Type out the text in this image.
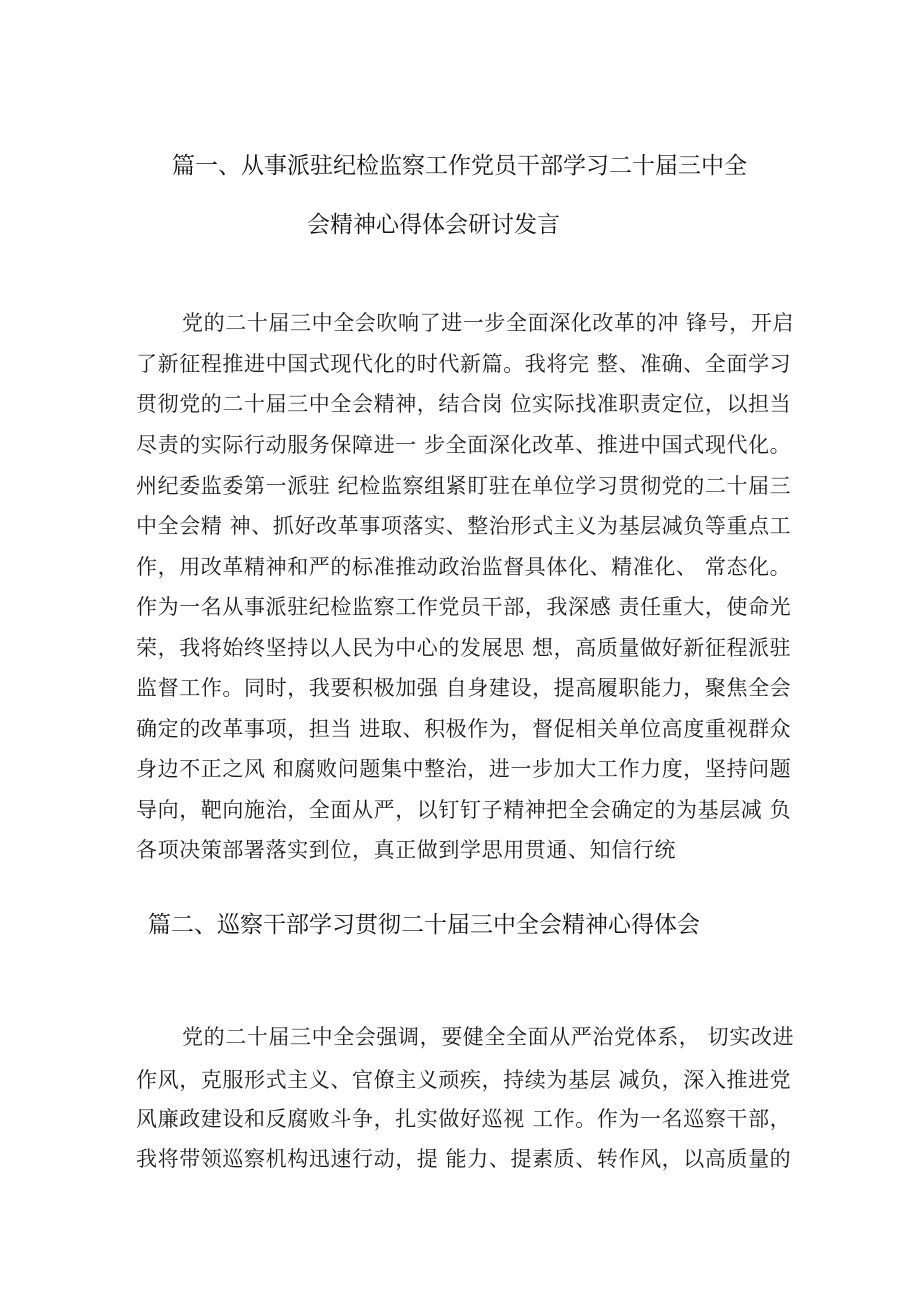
篇一、从事派驻纪检监察工作党员干部学习二十届三中全
会精神心得体会研讨发言
党的二十届三中全会吹响了进一步全面深化改革的冲 锋号，开启
了新征程推进中国式现代化的时代新篇。我将完 整、准确、全面学习
贯彻党的二十届三中全会精神，结合岗 位实际找准职责定位，以担当
尽责的实际行动服务保障进一 步全面深化改革、推进中国式现代化。
州纪委监委第一派驻 纪检监察组紧盯驻在单位学习贯彻党的二十届三
中全会精 神、抓好改革事项落实、整治形式主义为基层减负等重点工
作，用改革精神和严的标准推动政治监督具体化、精准化、 常态化。
作为一名从事派驻纪检监察工作党员干部，我深感 责任重大，使命光
荣，我将始终坚持以人民为中心的发展思 想，高质量做好新征程派驻
监督工作。同时，我要积极加强 自身建设，提高履职能力，聚焦全会
确定的改革事项，担当 进取、积极作为，督促相关单位高度重视群众
身边不正之风 和腐败问题集中整治，进一步加大工作力度，坚持问题
导向，靶向施治，全面从严，以钉钉子精神把全会确定的为基层减 负
各项决策部署落实到位，真正做到学思用贯通、知信行统
篇二、巡察干部学习贯彻二十届三中全会精神心得体会
党的二十届三中全会强调，要健全全面从严治党体系， 切实改进
作风，克服形式主义、官僚主义顽疾，持续为基层 减负，深入推进党
风廉政建设和反腐败斗争，扎实做好巡视 工作。作为一名巡察干部，
我将带领巡察机构迅速行动，提 能力、提素质、转作风，以高质量的
